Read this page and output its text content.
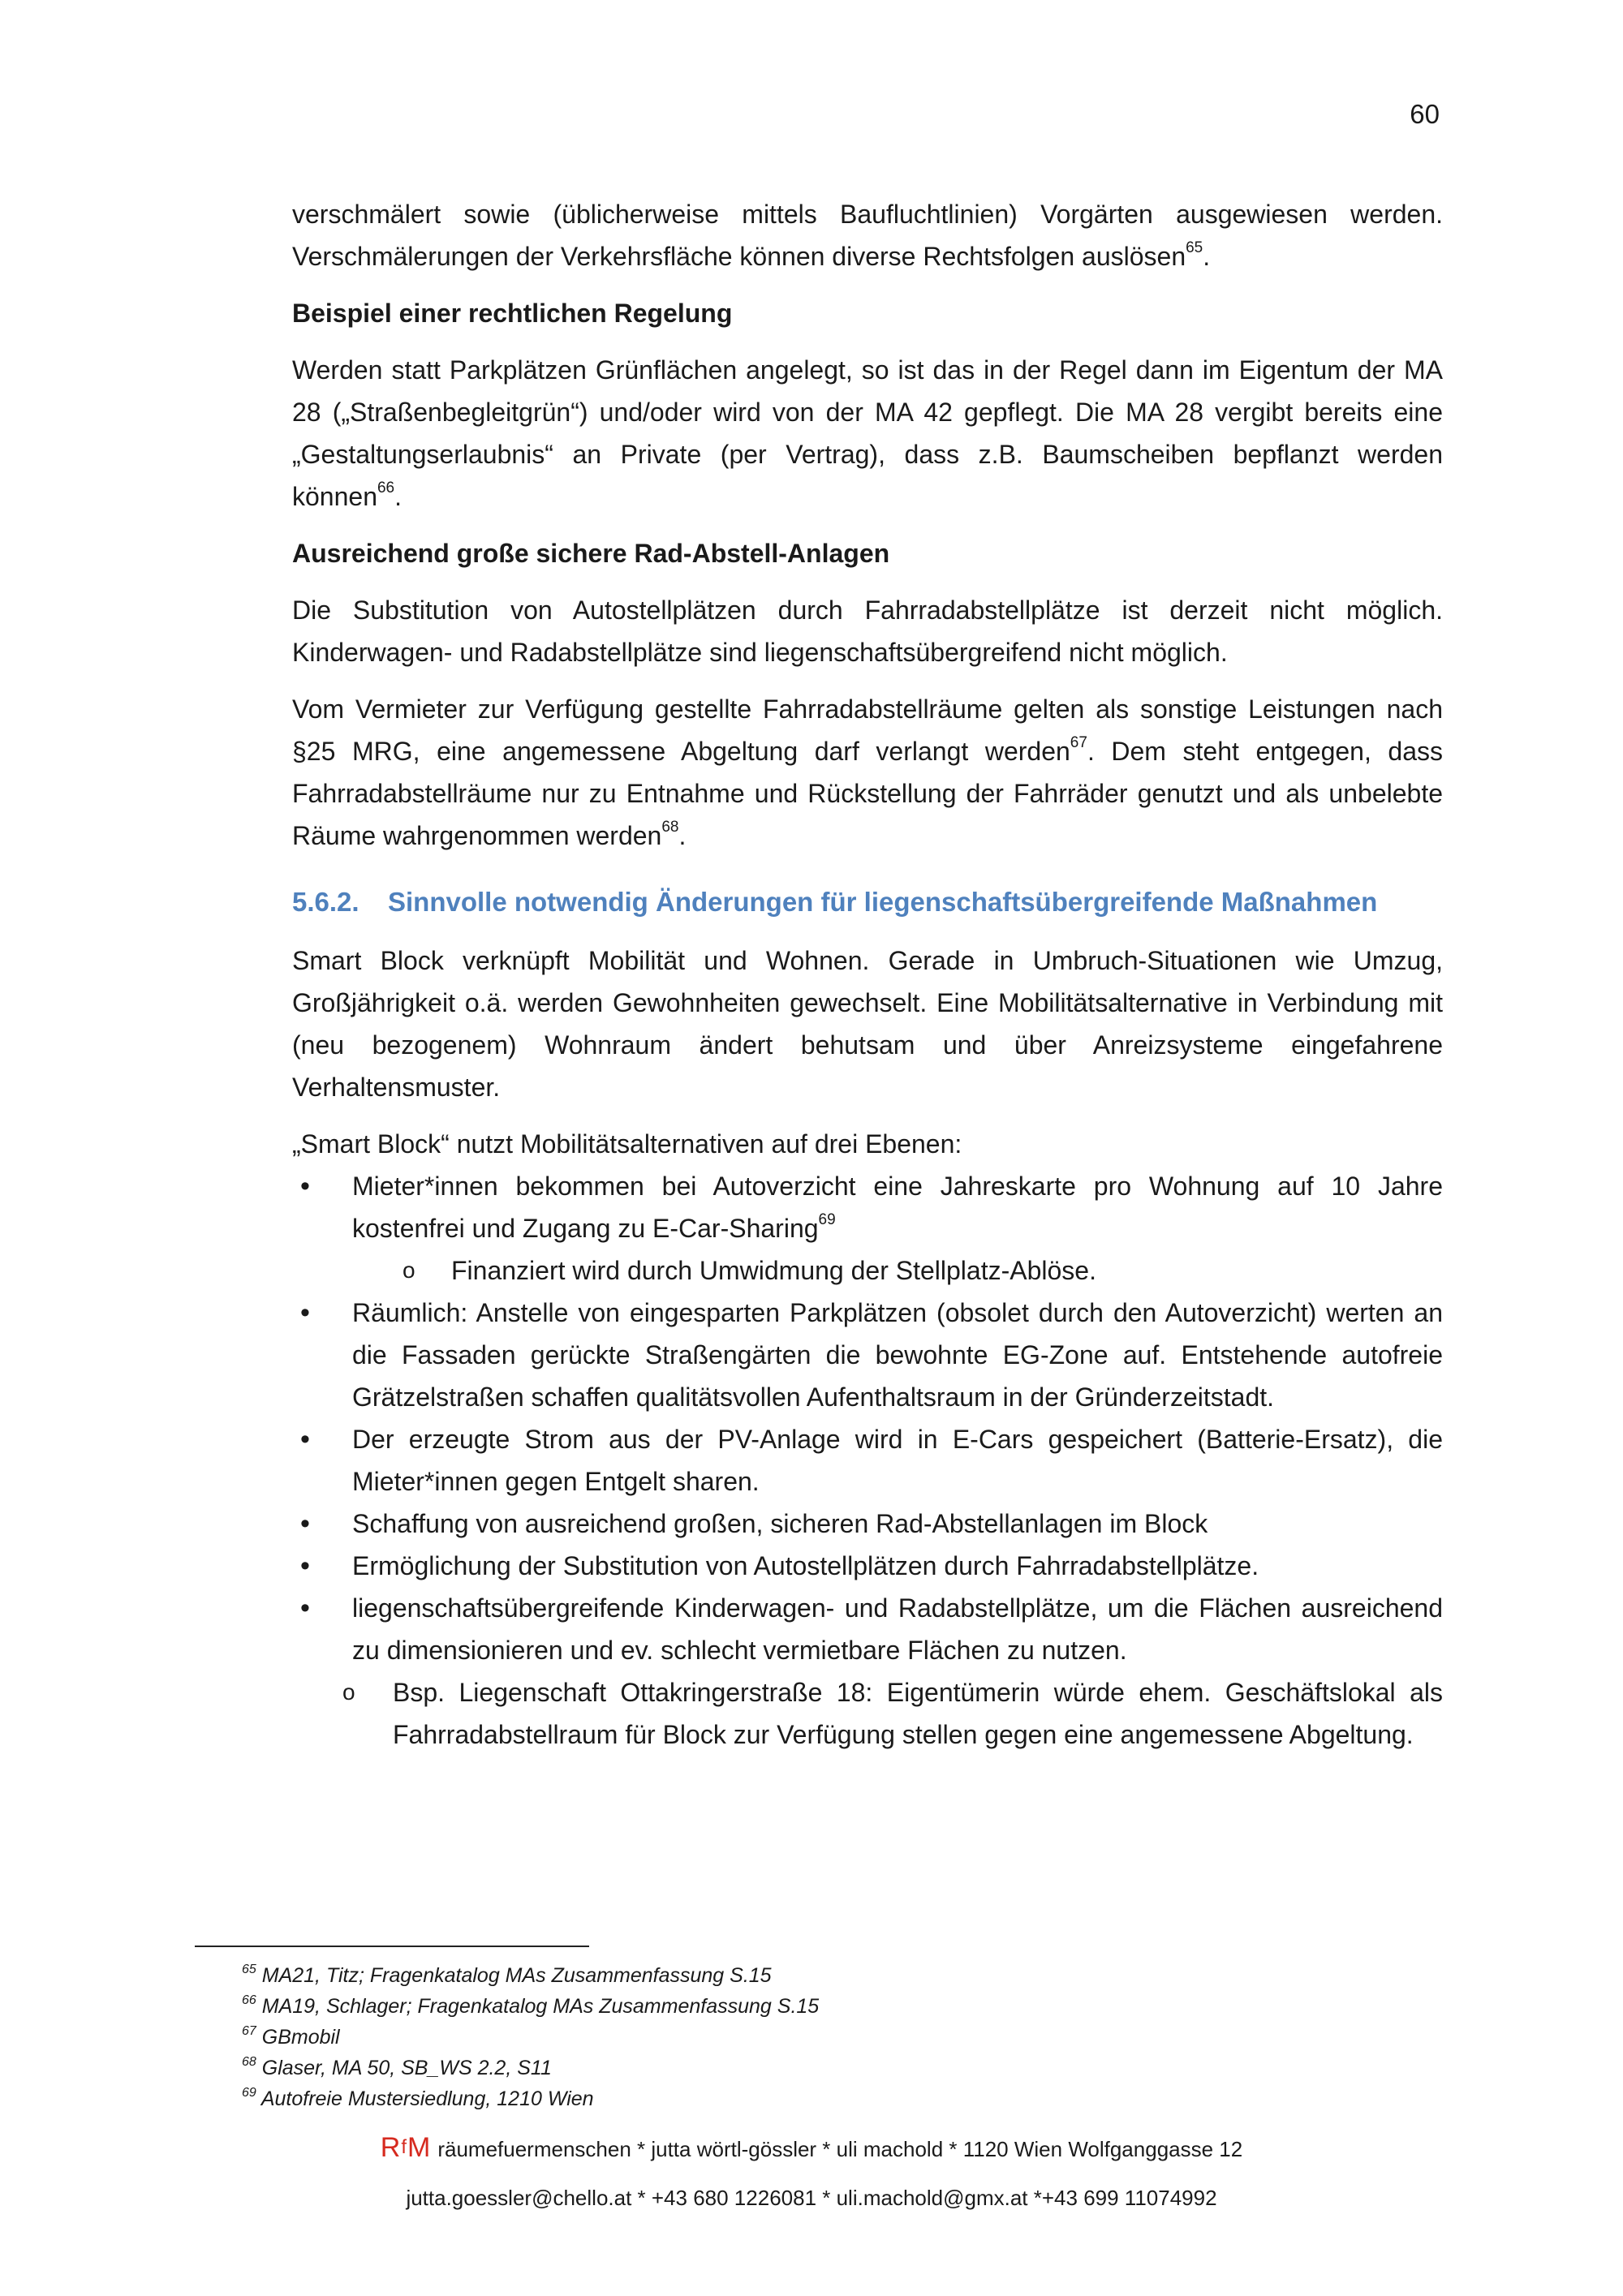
60

verschmälert sowie (üblicherweise mittels Baufluchtlinien) Vorgärten ausgewiesen werden. Verschmälerungen der Verkehrsfläche können diverse Rechtsfolgen auslösen$^{65}$.

Beispiel einer rechtlichen Regelung

Werden statt Parkplätzen Grünflächen angelegt, so ist das in der Regel dann im Eigentum der MA 28 („Straßenbegleitgrün“) und/oder wird von der MA 42 gepflegt. Die MA 28 vergibt bereits eine „Gestaltungserlaubnis“ an Private (per Vertrag), dass z.B. Baumscheiben bepflanzt werden können$^{66}$.

Ausreichend große sichere Rad-Abstell-Anlagen

Die Substitution von Autostellplätzen durch Fahrradabstellplätze ist derzeit nicht möglich. Kinderwagen- und Radabstellplätze sind liegenschaftsübergreifend nicht möglich.

Vom Vermieter zur Verfügung gestellte Fahrradabstellräume gelten als sonstige Leistungen nach §25 MRG, eine angemessene Abgeltung darf verlangt werden$^{67}$. Dem steht entgegen, dass Fahrradabstellräume nur zu Entnahme und Rückstellung der Fahrräder genutzt und als unbelebte Räume wahrgenommen werden$^{68}$.

5.6.2. Sinnvolle notwendig Änderungen für liegenschaftsübergreifende Maßnahmen

Smart Block verknüpft Mobilität und Wohnen. Gerade in Umbruch-Situationen wie Umzug, Großjährigkeit o.ä. werden Gewohnheiten gewechselt. Eine Mobilitätsalternative in Verbindung mit (neu bezogenem) Wohnraum ändert behutsam und über Anreizsysteme eingefahrene Verhaltensmuster.

„Smart Block“ nutzt Mobilitätsalternativen auf drei Ebenen:

• Mieter*innen bekommen bei Autoverzicht eine Jahreskarte pro Wohnung auf 10 Jahre kostenfrei und Zugang zu E-Car-Sharing$^{69}$
o Finanziert wird durch Umwidmung der Stellplatz-Ablöse.
• Räumlich: Anstelle von eingesparten Parkplätzen (obsolet durch den Autoverzicht) werten an die Fassaden gerückte Straßengärten die bewohnte EG-Zone auf. Entstehende autofreie Grätzelstraßen schaffen qualitätsvollen Aufenthaltsraum in der Gründerzeitstadt.
• Der erzeugte Strom aus der PV-Anlage wird in E-Cars gespeichert (Batterie-Ersatz), die Mieter*innen gegen Entgelt sharen.
• Schaffung von ausreichend großen, sicheren Rad-Abstellanlagen im Block
• Ermöglichung der Substitution von Autostellplätzen durch Fahrradabstellplätze.
• liegenschaftsübergreifende Kinderwagen- und Radabstellplätze, um die Flächen ausreichend zu dimensionieren und ev. schlecht vermietbare Flächen zu nutzen.
o Bsp. Liegenschaft Ottakringerstraße 18: Eigentümerin würde ehem. Geschäftslokal als Fahrradabstellraum für Block zur Verfügung stellen gegen eine angemessene Abgeltung.
$^{65}$ MA21, Titz; Fragenkatalog MAs Zusammenfassung S.15
$^{66}$ MA19, Schlager; Fragenkatalog MAs Zusammenfassung S.15
$^{67}$ GBmobil
$^{68}$ Glaser, MA 50, SB_WS 2.2, S11
$^{69}$ Autofreie Mustersiedlung, 1210 Wien
RfM räumefuermenschen * jutta wörtl-gössler * uli machold * 1120 Wien Wolfganggasse 12
jutta.goessler@chello.at * +43 680 1226081 * uli.machold@gmx.at *+43 699 11074992
